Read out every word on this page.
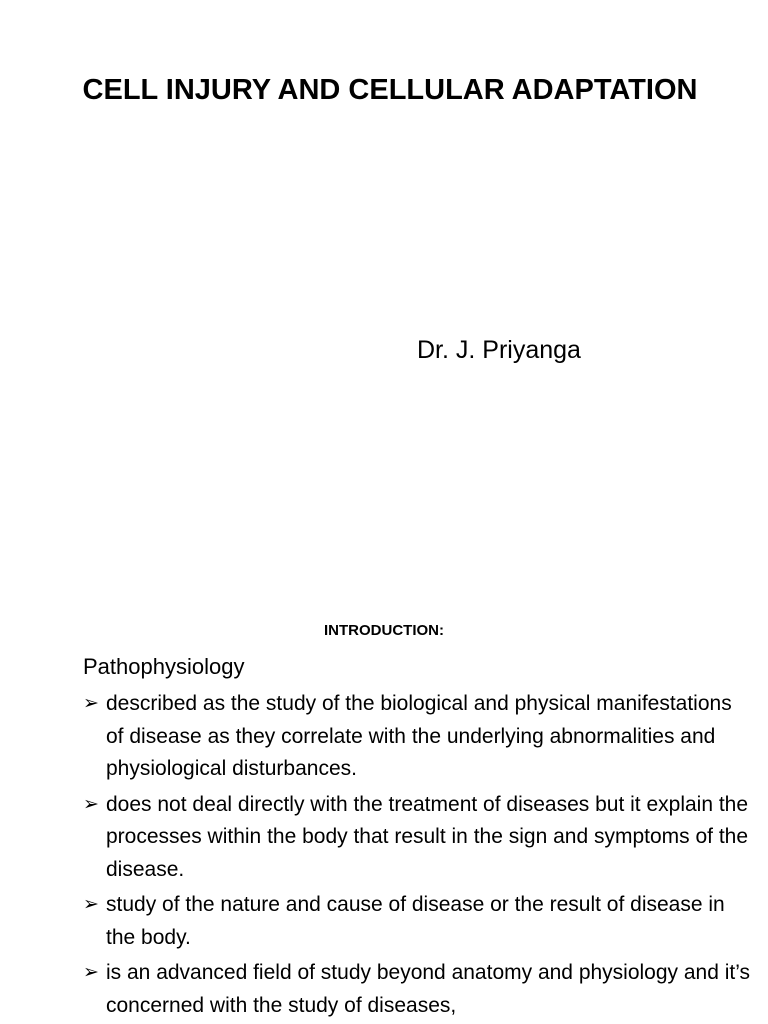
CELL INJURY AND CELLULAR ADAPTATION
Dr. J. Priyanga
INTRODUCTION:
Pathophysiology
➢ described as the study of the biological and physical manifestations of disease as they correlate with the underlying abnormalities and physiological disturbances.
➢ does not deal directly with the treatment of diseases but it explain the processes within the body that result in the sign and symptoms of the disease.
➢ study of the nature and cause of disease or the result of disease in the body.
➢ is an advanced field of study beyond anatomy and physiology and it’s concerned with the study of diseases,
